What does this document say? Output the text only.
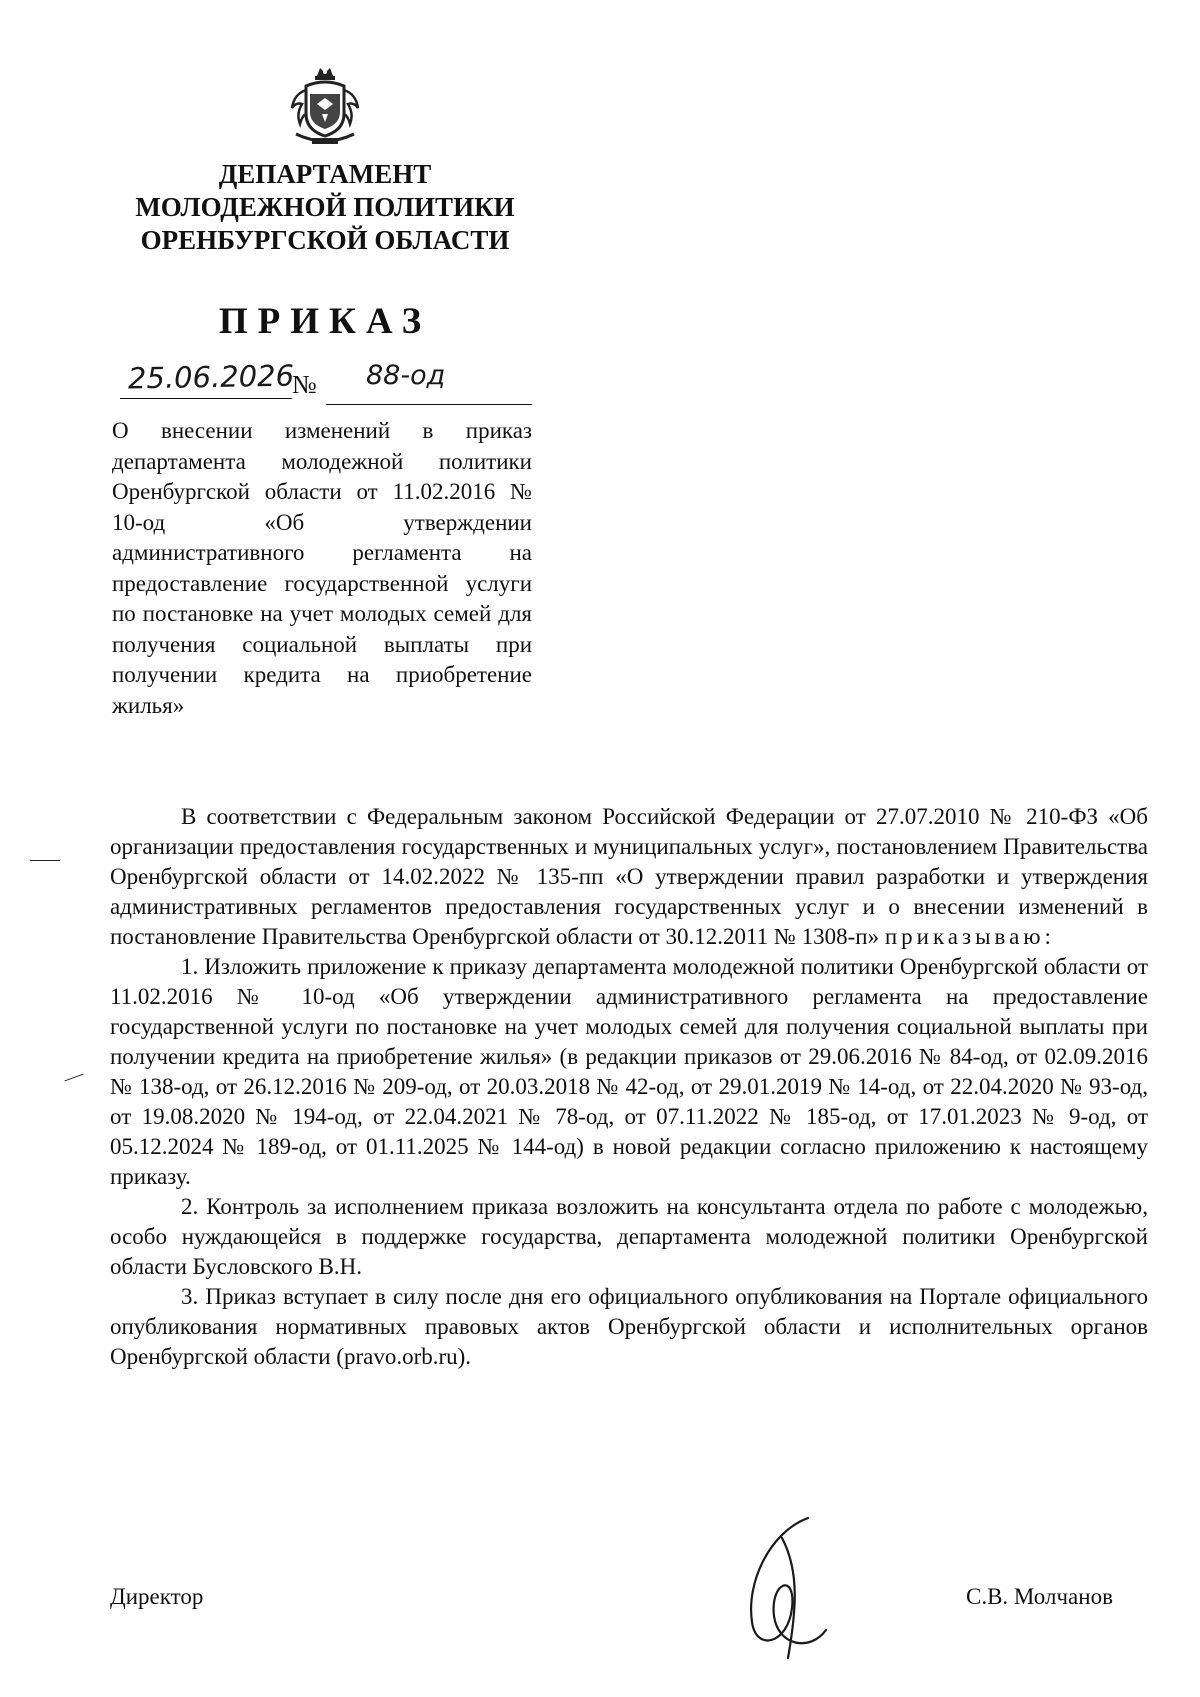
ДЕПАРТАМЕНТ
МОЛОДЕЖНОЙ ПОЛИТИКИ
ОРЕНБУРГСКОЙ ОБЛАСТИ
ПРИКАЗ
25.06.2026
№ 88-од
О внесении изменений в приказ департамента молодежной политики Оренбургской области от 11.02.2016 № 10-од «Об утверждении административного регламента на предоставление государственной услуги по постановке на учет молодых семей для получения социальной выплаты при получении кредита на приобретение жилья»

В соответствии с Федеральным законом Российской Федерации от 27.07.2010 № 210-ФЗ «Об организации предоставления государственных и муниципальных услуг», постановлением Правительства Оренбургской области от 14.02.2022 № 135-пп «О утверждении правил разработки и утверждения административных регламентов предоставления государственных услуг и о внесении изменений в постановление Правительства Оренбургской области от 30.12.2011 № 1308-п» приказываю:

1. Изложить приложение к приказу департамента молодежной политики Оренбургской области от 11.02.2016 № 10-од «Об утверждении административного регламента на предоставление государственной услуги по постановке на учет молодых семей для получения социальной выплаты при получении кредита на приобретение жилья» (в редакции приказов от 29.06.2016 № 84-од, от 02.09.2016 № 138-од, от 26.12.2016 № 209-од, от 20.03.2018 № 42-од, от 29.01.2019 № 14-од, от 22.04.2020 № 93-од, от 19.08.2020 № 194-од, от 22.04.2021 № 78-од, от 07.11.2022 № 185-од, от 17.01.2023 № 9-од, от 05.12.2024 № 189-од, от 01.11.2025 № 144-од) в новой редакции согласно приложению к настоящему приказу.

2. Контроль за исполнением приказа возложить на консультанта отдела по работе с молодежью, особо нуждающейся в поддержке государства, департамента молодежной политики Оренбургской области Бусловского В.Н.

3. Приказ вступает в силу после дня его официального опубликования на Портале официального опубликования нормативных правовых актов Оренбургской области и исполнительных органов Оренбургской области (pravo.orb.ru).

Директор	С.В. Молчанов
